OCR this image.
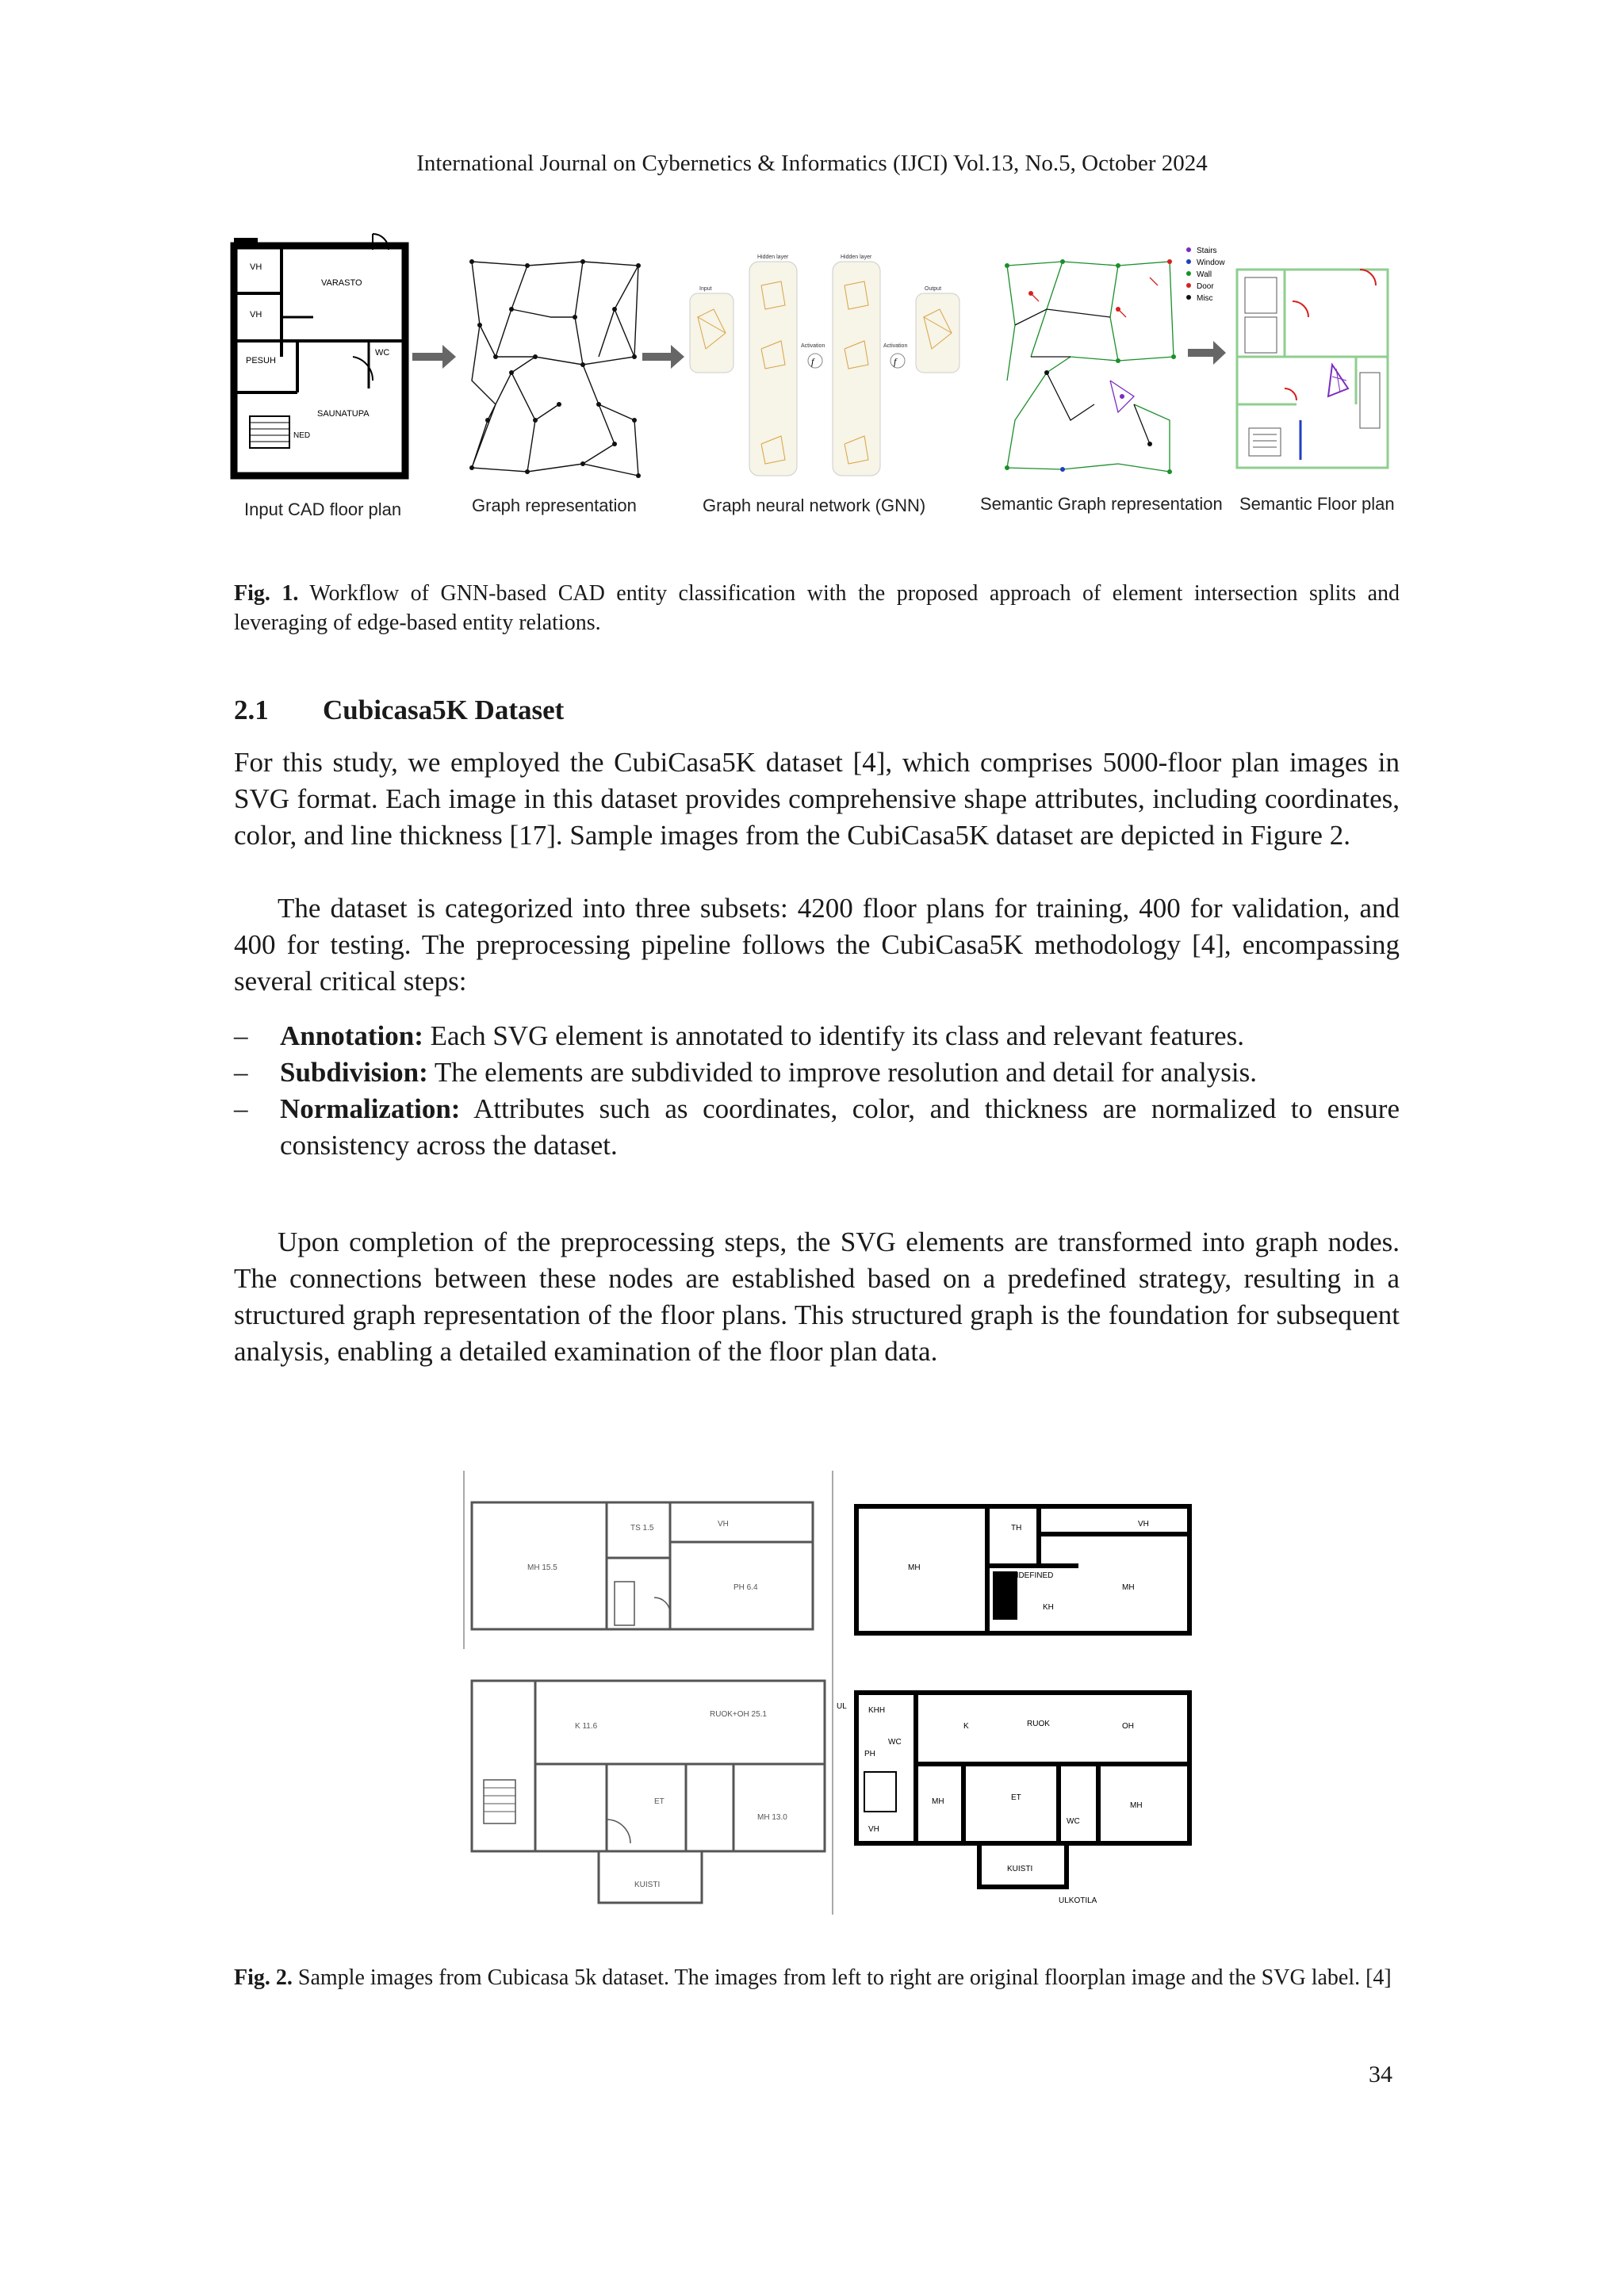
International Journal on Cybernetics & Informatics (IJCI) Vol.13, No.5, October 2024
VH
VARASTO
VH
PESUH
WC
SAUNATUPA
NED
f	f
Hidden layer	Hidden layer
Input
Activation	Activation
Output
Stairs
Window
Wall
Door
Misc
Input CAD floor plan	Graph representation	Graph neural network (GNN)	Semantic Graph representation Semantic Floor plan
Fig. 1. Workflow of GNN-based CAD entity classification with the proposed approach of element intersection splits and leveraging of edge-based entity relations.
2.1 Cubicasa5K Dataset
For this study, we employed the CubiCasa5K dataset [4], which comprises 5000-floor plan images in SVG format. Each image in this dataset provides comprehensive shape attributes, including coordinates, color, and line thickness [17]. Sample images from the CubiCasa5K dataset are depicted in Figure 2.
The dataset is categorized into three subsets: 4200 floor plans for training, 400 for validation, and 400 for testing. The preprocessing pipeline follows the CubiCasa5K methodology [4], encompassing several critical steps:
– Annotation: Each SVG element is annotated to identify its class and relevant features.
– Subdivision: The elements are subdivided to improve resolution and detail for analysis.
– Normalization: Attributes such as coordinates, color, and thickness are normalized to ensure consistency across the dataset.
Upon completion of the preprocessing steps, the SVG elements are transformed into graph nodes. The connections between these nodes are established based on a predefined strategy, resulting in a structured graph representation of the floor plans. This structured graph is the foundation for subsequent analysis, enabling a detailed examination of the floor plan data.
MH 15.5
TS 1.5	VH
PH 6.4
K 11.6
RUOK+OH 25.1
MH 13.0
ET
KUISTI
MH
TH	VH
UNDEFINED
MH
KH
UL	KHH
K	RUOK	OH
PH
WC
MH	ET
MH
VH
WC
KUISTI
ULKOTILA
Fig. 2. Sample images from Cubicasa 5k dataset. The images from left to right are original floorplan image and the SVG label. [4]
34
